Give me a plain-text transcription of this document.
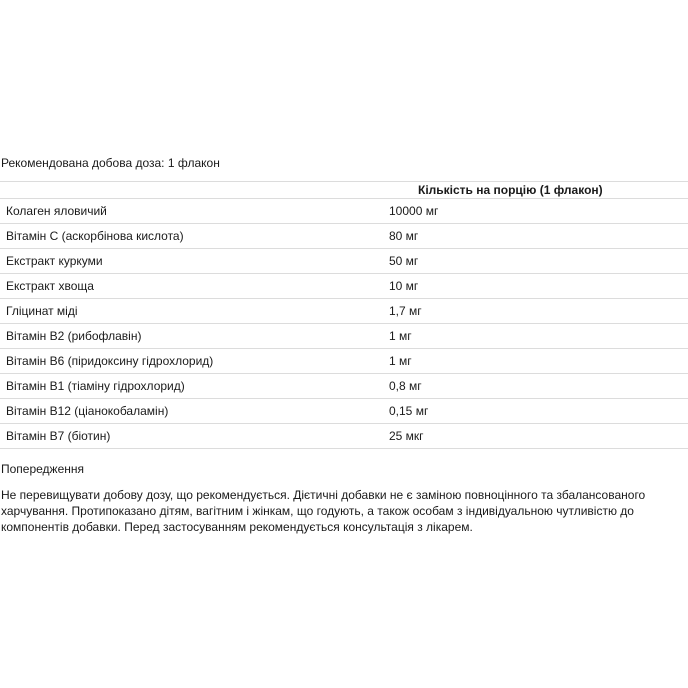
Рекомендована добова доза: 1 флакон
	Кількість на порцію (1 флакон)
Колаген яловичий	10000 мг
Вітамін С (аскорбінова кислота)	80 мг
Екстракт куркуми	50 мг
Екстракт хвоща	10 мг
Гліцинат міді	1,7 мг
Вітамін В2 (рибофлавін)	1 мг
Вітамін В6 (піридоксину гідрохлорид)	1 мг
Вітамін В1 (тіаміну гідрохлорид)	0,8 мг
Вітамін В12 (ціанокобаламін)	0,15 мг
Вітамін В7 (біотин)	25 мкг
Попередження
Не перевищувати добову дозу, що рекомендується. Дієтичні добавки не є заміною повноцінного та збалансованого харчування. Протипоказано дітям, вагітним і жінкам, що годують, а також особам з індивідуальною чутливістю до компонентів добавки. Перед застосуванням рекомендується консультація з лікарем.
